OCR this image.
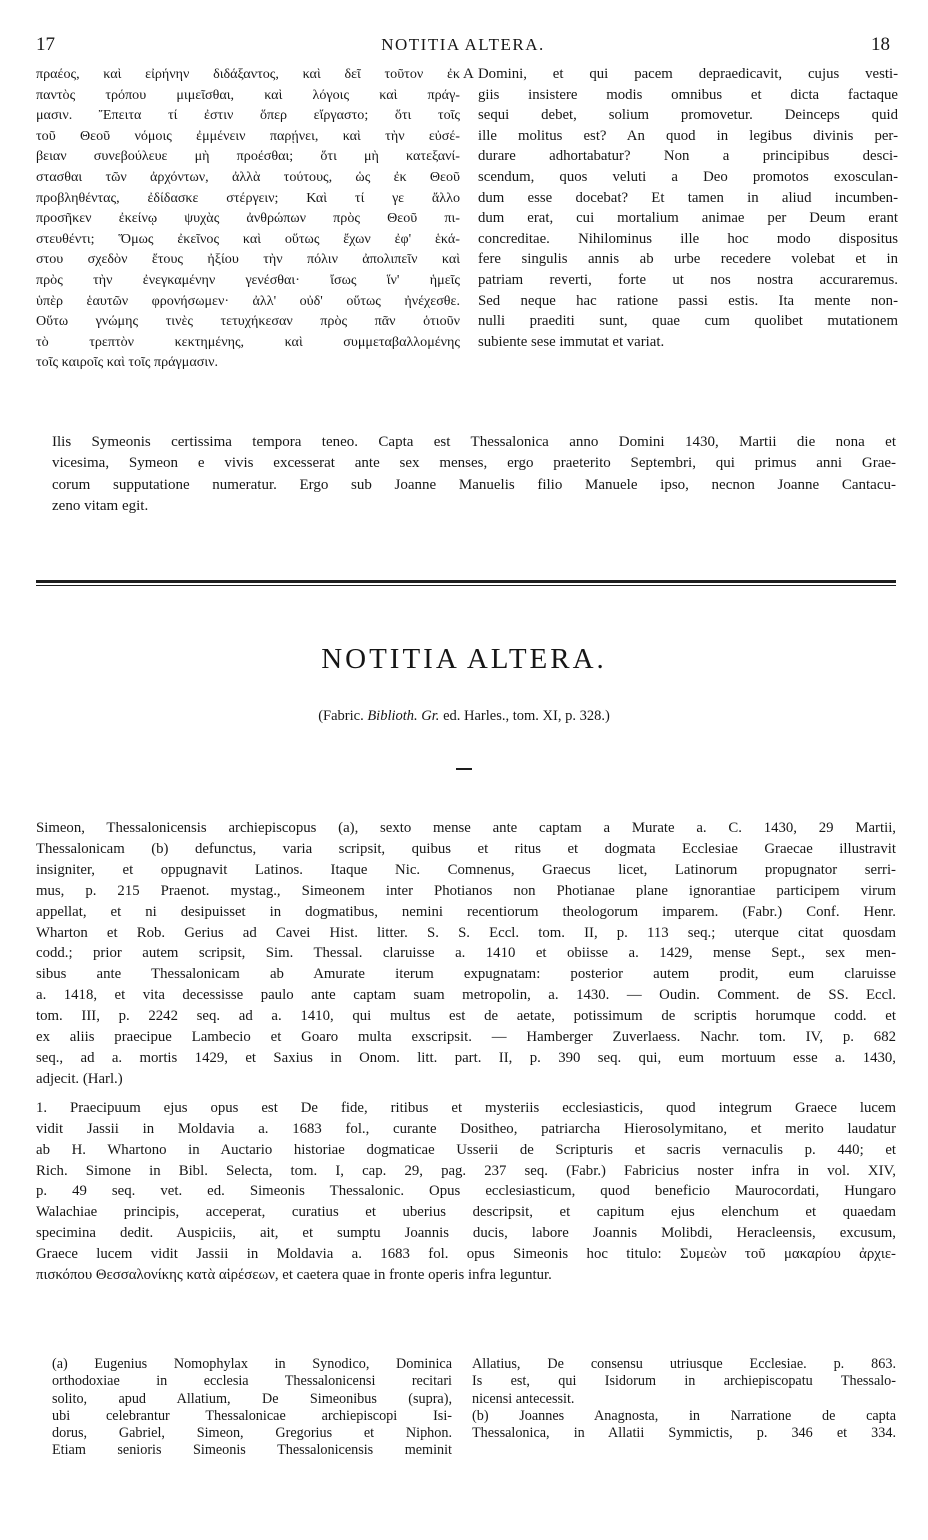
17	NOTITIA ALTERA.	18
πραέος, καὶ εἰρήνην διδάξαντος, καὶ δεῖ τοῦτον ἐκ
παντὸς τρόπου μιμεῖσθαι, καὶ λόγοις καὶ πράγ-
μασιν. Ἔπειτα τί ἐστιν ὅπερ εἴργαστο; ὅτι τοῖς
τοῦ Θεοῦ νόμοις ἐμμένειν παρῄνει, καὶ τὴν εὐσέ-
βειαν συνεβούλευε μὴ προέσθαι; ὅτι μὴ κατεξανί-
στασθαι τῶν ἀρχόντων, ἀλλὰ τούτους, ὡς ἐκ Θεοῦ
προβληθέντας, ἐδίδασκε στέργειν; Καὶ τί γε ἄλλο
προσῆκεν ἐκείνῳ ψυχὰς ἀνθρώπων πρὸς Θεοῦ πι-
στευθέντι; Ὅμως ἐκεῖνος καὶ οὕτως ἔχων ἐφ' ἑκά-
στου σχεδὸν ἔτους ἠξίου τὴν πόλιν ἀπολιπεῖν καὶ
πρὸς τὴν ἐνεγκαμένην γενέσθαι· ἴσως ἵν' ἡμεῖς
ὑπὲρ ἑαυτῶν φρονήσωμεν· ἀλλ' οὐδ' οὕτως ἠνέχεσθε.
Οὕτω γνώμης τινὲς τετυχήκεσαν πρὸς πᾶν ὁτιοῦν
τὸ τρεπτὸν κεκτημένης, καὶ συμμεταβαλλομένης
τοῖς καιροῖς καὶ τοῖς πράγμασιν.
A Domini, et qui pacem depraedicavit, cujus vesti-
giis insistere modis omnibus et dicta factaque
sequi debet, solium promovetur. Deinceps quid
ille molitus est? An quod in legibus divinis per-
durare adhortabatur? Non a principibus desci-
scendum, quos veluti a Deo promotos exosculan-
dum esse docebat? Et tamen in aliud incumben-
dum erat, cui mortalium animae per Deum erant
concreditae. Nihilominus ille hoc modo dispositus
fere singulis annis ab urbe recedere volebat et in
patriam reverti, forte ut nos nostra accuraremus.
Sed neque hac ratione passi estis. Ita mente non-
nulli praediti sunt, quae cum quolibet mutationem
subiente sese immutat et variat.
Ilis Symeonis certissima tempora teneo. Capta est Thessalonica anno Domini 1430, Martii die nona et
vicesima, Symeon e vivis excesserat ante sex menses, ergo praeterito Septembri, qui primus anni Grae-
corum supputatione numeratur. Ergo sub Joanne Manuelis filio Manuele ipso, necnon Joanne Cantacu-
zeno vitam egit.
NOTITIA ALTERA.
(Fabric. Biblioth. Gr. ed. Harles., tom. XI, p. 328.)
Simeon, Thessalonicensis archiepiscopus (a), sexto mense ante captam a Murate a. C. 1430, 29 Martii,
Thessalonicam (b) defunctus, varia scripsit, quibus et ritus et dogmata Ecclesiae Graecae illustravit
insigniter, et oppugnavit Latinos. Itaque Nic. Comnenus, Graecus licet, Latinorum propugnator serri-
mus, p. 215 Praenot. mystag., Simeonem inter Photianos non Photianae plane ignorantiae participem virum
appellat, et ni desipuisset in dogmatibus, nemini recentiorum theologorum imparem. (Fabr.) Conf. Henr.
Wharton et Rob. Gerius ad Cavei Hist. litter. S. S. Eccl. tom. II, p. 113 seq.; uterque citat quosdam
codd.; prior autem scripsit, Sim. Thessal. claruisse a. 1410 et obiisse a. 1429, mense Sept., sex men-
sibus ante Thessalonicam ab Amurate iterum expugnatam: posterior autem prodit, eum claruisse
a. 1418, et vita decessisse paulo ante captam suam metropolin, a. 1430. — Oudin. Comment. de SS. Eccl.
tom. III, p. 2242 seq. ad a. 1410, qui multus est de aetate, potissimum de scriptis horumque codd. et
ex aliis praecipue Lambecio et Goaro multa exscripsit. — Hamberger Zuverlaess. Nachr. tom. IV, p. 682
seq., ad a. mortis 1429, et Saxius in Onom. litt. part. II, p. 390 seq. qui, eum mortuum esse a. 1430,
adjecit. (Harl.)
1. Praecipuum ejus opus est De fide, ritibus et mysteriis ecclesiasticis, quod integrum Graece lucem
vidit Jassii in Moldavia a. 1683 fol., curante Dositheo, patriarcha Hierosolymitano, et merito laudatur
ab H. Whartono in Auctario historiae dogmaticae Usserii de Scripturis et sacris vernaculis p. 440; et
Rich. Simone in Bibl. Selecta, tom. I, cap. 29, pag. 237 seq. (Fabr.) Fabricius noster infra in vol. XIV,
p. 49 seq. vet. ed. Simeonis Thessalonic. Opus ecclesiasticum, quod beneficio Maurocordati, Hungaro
Walachiae principis, acceperat, curatius et uberius descripsit, et capitum ejus elenchum et quaedam
specimina dedit. Auspiciis, ait, et sumptu Joannis ducis, labore Joannis Molibdi, Heracleensis, excusum,
Graece lucem vidit Jassii in Moldavia a. 1683 fol. opus Simeonis hoc titulo: Συμεὼν τοῦ μακαρίου ἀρχιε-
πισκόπου Θεσσαλονίκης κατὰ αἱρέσεων, et caetera quae in fronte operis infra leguntur.
(a) Eugenius Nomophylax in Synodico, Dominica
orthodoxiae in ecclesia Thessalonicensi recitari
solito, apud Allatium, De Simeonibus (supra),
ubi celebrantur Thessalonicae archiepiscopi Isi-
dorus, Gabriel, Simeon, Gregorius et Niphon.
Etiam senioris Simeonis Thessalonicensis meminit
Allatius, De consensu utriusque Ecclesiae. p. 863.
Is est, qui Isidorum in archiepiscopatu Thessalo-
nicensi antecessit.
(b) Joannes Anagnosta, in Narratione de capta
Thessalonica, in Allatii Symmictis, p. 346 et 334.
